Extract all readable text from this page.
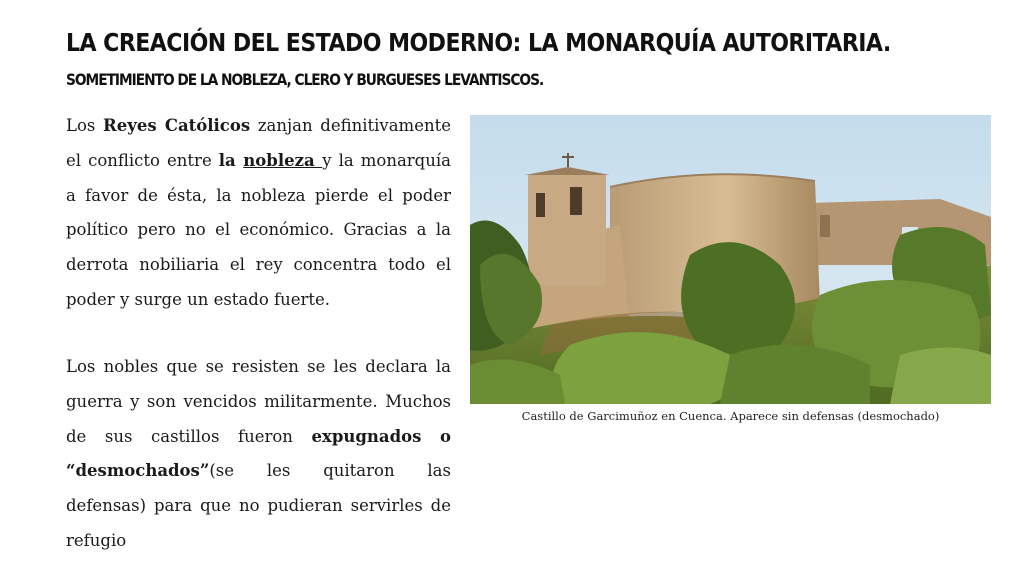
LA CREACIÓN DEL ESTADO MODERNO: LA MONARQUÍA AUTORITARIA.
SOMETIMIENTO DE LA NOBLEZA, CLERO Y BURGUESES LEVANTISCOS.
Los Reyes Católicos zanjan definitivamente el conflicto entre la nobleza y la monarquía a favor de ésta, la nobleza pierde el poder político pero no el económico. Gracias a la derrota nobiliaria el rey concentra todo el poder y surge un estado fuerte.
Los nobles que se resisten se les declara la guerra y son vencidos militarmente. Muchos de sus castillos fueron expugnados o “desmochados”(se les quitaron las defensas) para que no pudieran servirles de refugio
Castillo de Garcimuñoz en Cuenca. Aparece sin defensas (desmochado)
